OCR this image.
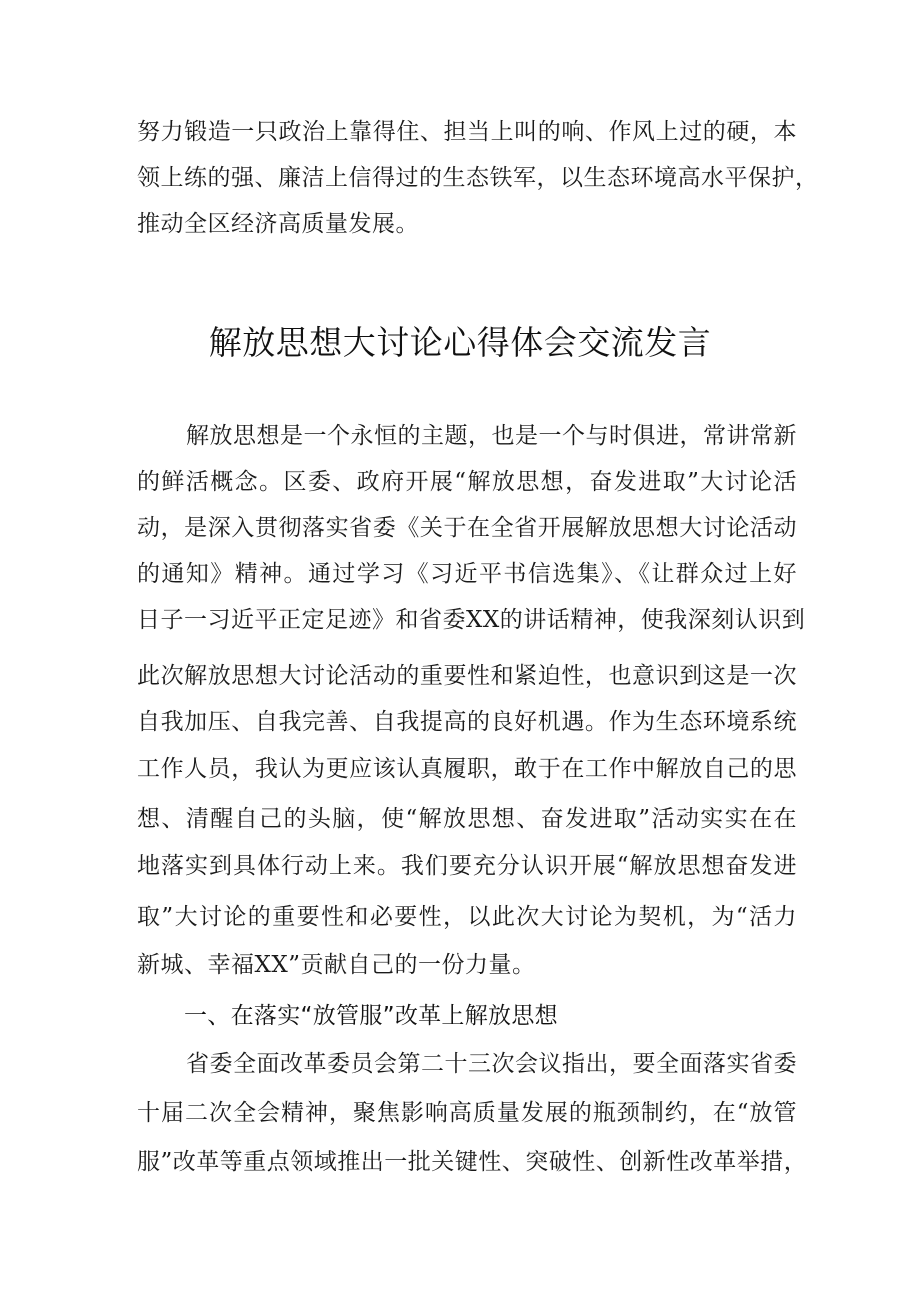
努力锻造一只政治上靠得住、担当上叫的响、作风上过的硬，本
领上练的强、廉洁上信得过的生态铁军，以生态环境高水平保护，
推动全区经济高质量发展。
解放思想大讨论心得体会交流发言
解放思想是一个永恒的主题，也是一个与时俱进，常讲常新
的鲜活概念。区委、政府开展“解放思想，奋发进取”大讨论活
动，是深入贯彻落实省委《关于在全省开展解放思想大讨论活动
的通知》精神。通过学习《习近平书信选集》、《让群众过上好
日子一习近平正定足迹》和省委XX的讲话精神，使我深刻认识到
此次解放思想大讨论活动的重要性和紧迫性，也意识到这是一次
自我加压、自我完善、自我提高的良好机遇。作为生态环境系统
工作人员，我认为更应该认真履职，敢于在工作中解放自己的思
想、清醒自己的头脑，使“解放思想、奋发进取”活动实实在在
地落实到具体行动上来。我们要充分认识开展“解放思想奋发进
取”大讨论的重要性和必要性，以此次大讨论为契机，为“活力
新城、幸福XX”贡献自己的一份力量。
一、在落实“放管服”改革上解放思想
省委全面改革委员会第二十三次会议指出，要全面落实省委
十届二次全会精神，聚焦影响高质量发展的瓶颈制约，在“放管
服”改革等重点领域推出一批关键性、突破性、创新性改革举措，
